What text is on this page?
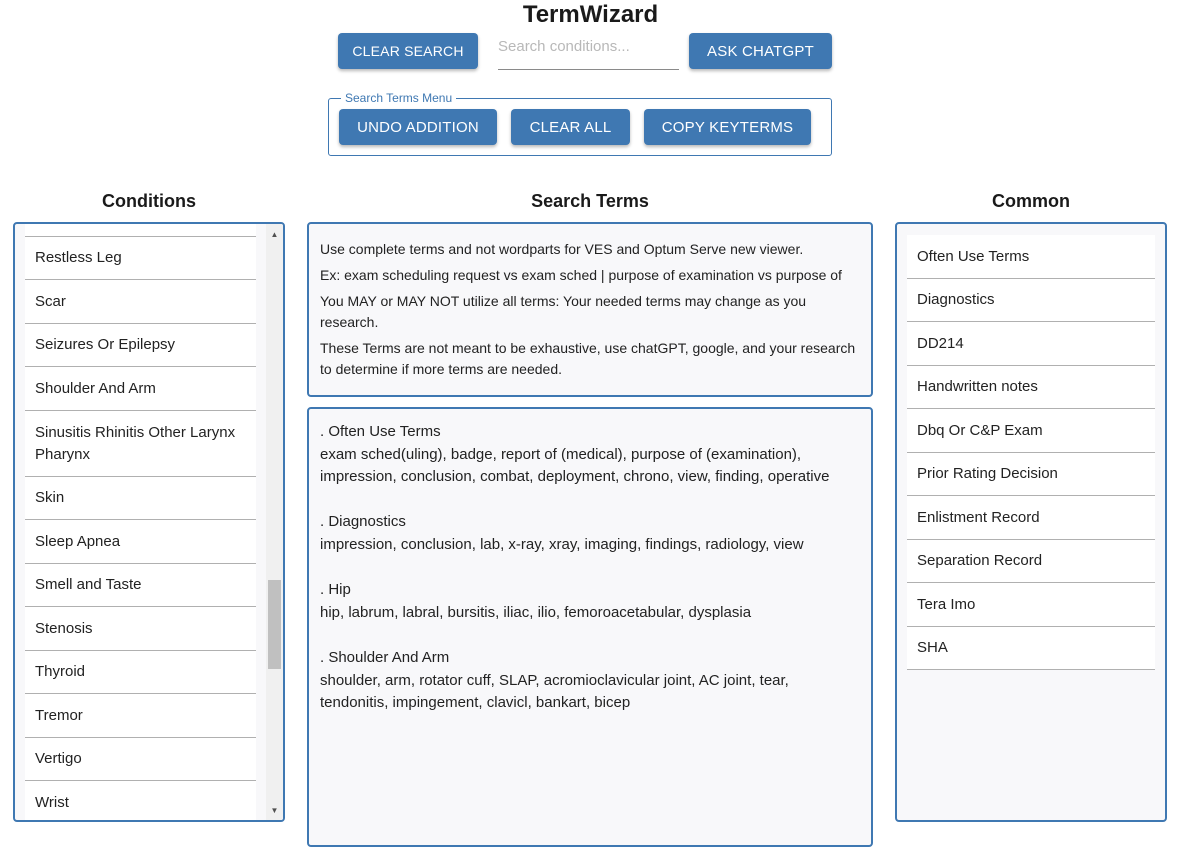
TermWizard
CLEAR SEARCH
Search conditions...	ASK CHATGPT
Search Terms Menu
UNDO ADDITION	CLEAR ALL	COPY KEYTERMS
Conditions	Search Terms	Common
Restless Leg
Scar
Seizures Or Epilepsy
Shoulder And Arm
Sinusitis Rhinitis Other Larynx Pharynx
Skin
Sleep Apnea
Smell and Taste
Stenosis
Thyroid
Tremor
Vertigo
Wrist
▲
▼

Use complete terms and not wordparts for VES and Optum Serve new viewer.

Ex: exam scheduling request vs exam sched | purpose of examination vs purpose of

You MAY or MAY NOT utilize all terms: Your needed terms may change as you research.

These Terms are not meant to be exhaustive, use chatGPT, google, and your research to determine if more terms are needed.

. Often Use Terms
exam sched(uling), badge, report of (medical), purpose of (examination), impression, conclusion, combat, deployment, chrono, view, finding, operative
. Diagnostics
impression, conclusion, lab, x-ray, xray, imaging, findings, radiology, view
. Hip
hip, labrum, labral, bursitis, iliac, ilio, femoroacetabular, dysplasia
. Shoulder And Arm
shoulder, arm, rotator cuff, SLAP, acromioclavicular joint, AC joint, tear, tendonitis, impingement, clavicl, bankart, bicep
Often Use Terms
Diagnostics
DD214
Handwritten notes
Dbq Or C&P Exam
Prior Rating Decision
Enlistment Record
Separation Record
Tera Imo
SHA
